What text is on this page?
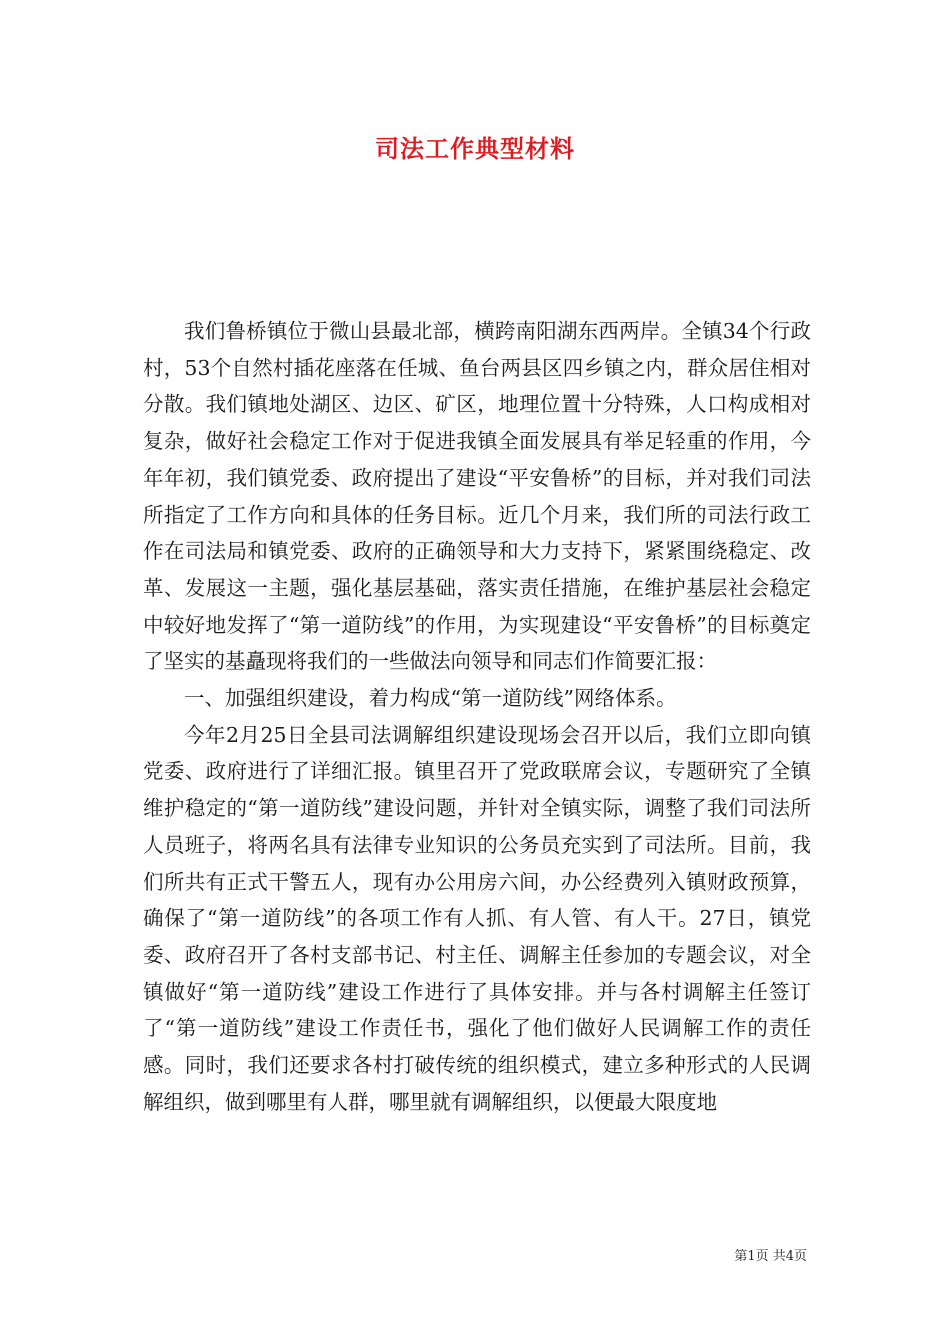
司法工作典型材料

我们鲁桥镇位于微山县最北部，横跨南阳湖东西两岸。全镇34个行政村，53个自然村插花座落在任城、鱼台两县区四乡镇之内，群众居住相对分散。我们镇地处湖区、边区、矿区，地理位置十分特殊，人口构成相对复杂，做好社会稳定工作对于促进我镇全面发展具有举足轻重的作用，今年年初，我们镇党委、政府提出了建设“平安鲁桥”的目标，并对我们司法所指定了工作方向和具体的任务目标。近几个月来，我们所的司法行政工作在司法局和镇党委、政府的正确领导和大力支持下，紧紧围绕稳定、改革、发展这一主题，强化基层基础，落实责任措施，在维护基层社会稳定中较好地发挥了“第一道防线”的作用，为实现建设“平安鲁桥”的目标奠定了坚实的基矗现将我们的一些做法向领导和同志们作简要汇报：

一、加强组织建设，着力构成“第一道防线”网络体系。

今年2月25日全县司法调解组织建设现场会召开以后，我们立即向镇党委、政府进行了详细汇报。镇里召开了党政联席会议，专题研究了全镇维护稳定的“第一道防线”建设问题，并针对全镇实际，调整了我们司法所人员班子，将两名具有法律专业知识的公务员充实到了司法所。目前，我们所共有正式干警五人，现有办公用房六间，办公经费列入镇财政预算，确保了“第一道防线”的各项工作有人抓、有人管、有人干。27日，镇党委、政府召开了各村支部书记、村主任、调解主任参加的专题会议，对全镇做好“第一道防线”建设工作进行了具体安排。并与各村调解主任签订了“第一道防线”建设工作责任书，强化了他们做好人民调解工作的责任感。同时，我们还要求各村打破传统的组织模式，建立多种形式的人民调解组织，做到哪里有人群，哪里就有调解组织，以便最大限度地

第1页 共4页
